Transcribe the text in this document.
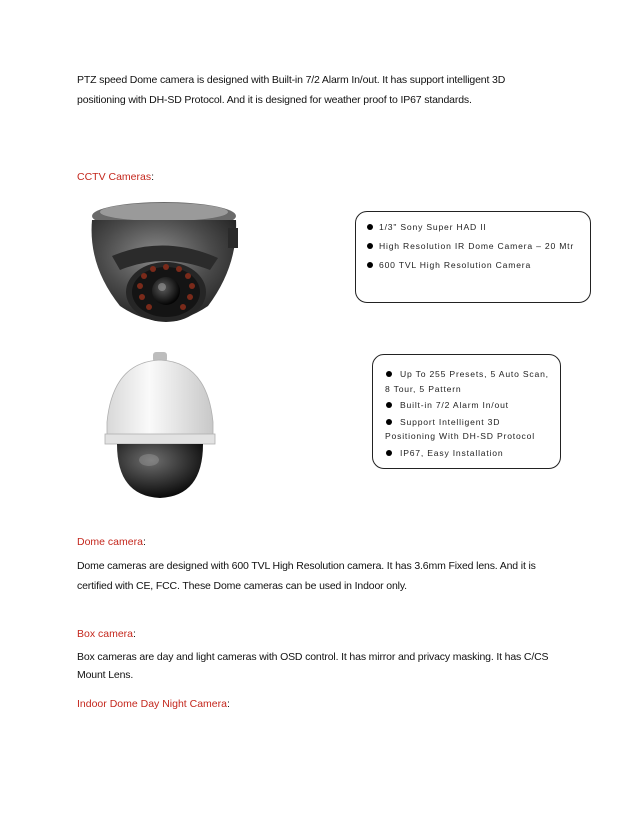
PTZ speed Dome camera is designed with Built-in 7/2 Alarm In/out. It has support intelligent 3D
positioning with DH-SD Protocol. And it is designed for weather proof to IP67 standards.
CCTV Cameras:
1/3" Sony Super HAD II
High Resolution IR Dome Camera – 20 Mtr
600 TVL High Resolution Camera
Up To 255 Presets, 5 Auto Scan,
8 Tour, 5 Pattern
Built-in 7/2 Alarm In/out
Support Intelligent 3D
Positioning With DH-SD Protocol
IP67, Easy Installation
Dome camera:
Dome cameras are designed with 600 TVL High Resolution camera. It has 3.6mm Fixed lens. And it is
certified with CE, FCC. These Dome cameras can be used in Indoor only.
Box camera:
Box cameras are day and light cameras with OSD control. It has mirror and privacy masking. It has C/CS
Mount Lens.
Indoor Dome Day Night Camera:
